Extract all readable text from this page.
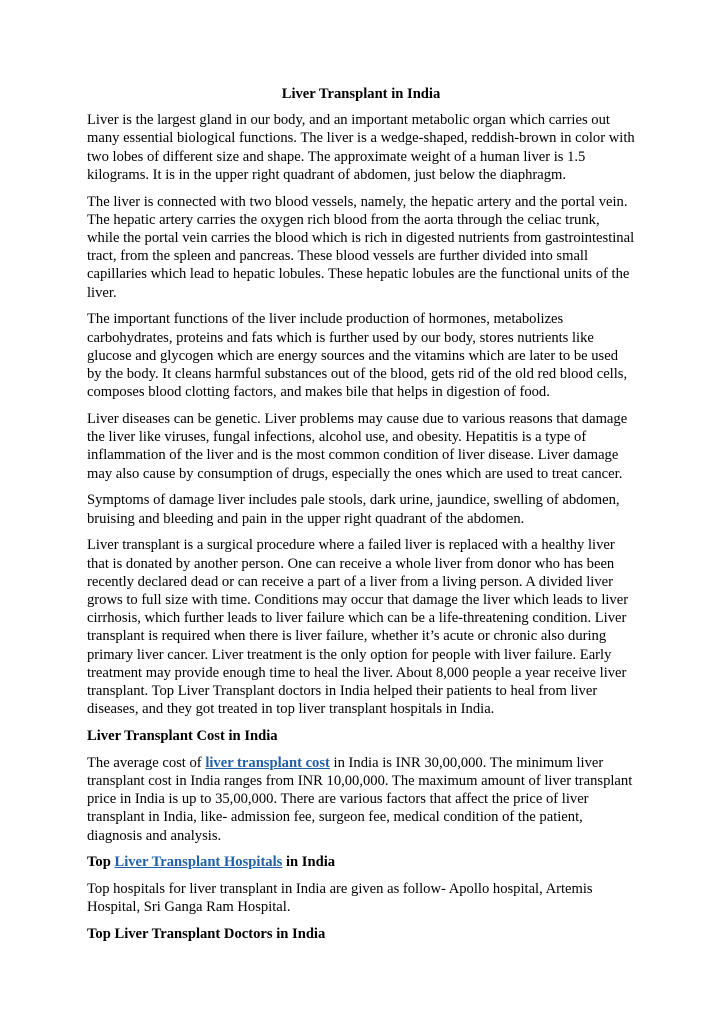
Liver Transplant in India

Liver is the largest gland in our body, and an important metabolic organ which carries out many essential biological functions. The liver is a wedge-shaped, reddish-brown in color with two lobes of different size and shape. The approximate weight of a human liver is 1.5 kilograms. It is in the upper right quadrant of abdomen, just below the diaphragm.

The liver is connected with two blood vessels, namely, the hepatic artery and the portal vein. The hepatic artery carries the oxygen rich blood from the aorta through the celiac trunk, while the portal vein carries the blood which is rich in digested nutrients from gastrointestinal tract, from the spleen and pancreas. These blood vessels are further divided into small capillaries which lead to hepatic lobules. These hepatic lobules are the functional units of the liver.

The important functions of the liver include production of hormones, metabolizes carbohydrates, proteins and fats which is further used by our body, stores nutrients like glucose and glycogen which are energy sources and the vitamins which are later to be used by the body. It cleans harmful substances out of the blood, gets rid of the old red blood cells, composes blood clotting factors, and makes bile that helps in digestion of food.

Liver diseases can be genetic. Liver problems may cause due to various reasons that damage the liver like viruses, fungal infections, alcohol use, and obesity. Hepatitis is a type of inflammation of the liver and is the most common condition of liver disease. Liver damage may also cause by consumption of drugs, especially the ones which are used to treat cancer.

Symptoms of damage liver includes pale stools, dark urine, jaundice, swelling of abdomen, bruising and bleeding and pain in the upper right quadrant of the abdomen.

Liver transplant is a surgical procedure where a failed liver is replaced with a healthy liver that is donated by another person. One can receive a whole liver from donor who has been recently declared dead or can receive a part of a liver from a living person. A divided liver grows to full size with time. Conditions may occur that damage the liver which leads to liver cirrhosis, which further leads to liver failure which can be a life-threatening condition. Liver transplant is required when there is liver failure, whether it’s acute or chronic also during primary liver cancer. Liver treatment is the only option for people with liver failure. Early treatment may provide enough time to heal the liver. About 8,000 people a year receive liver transplant. Top Liver Transplant doctors in India helped their patients to heal from liver diseases, and they got treated in top liver transplant hospitals in India.

Liver Transplant Cost in India

The average cost of liver transplant cost in India is INR 30,00,000. The minimum liver transplant cost in India ranges from INR 10,00,000. The maximum amount of liver transplant price in India is up to 35,00,000. There are various factors that affect the price of liver transplant in India, like- admission fee, surgeon fee, medical condition of the patient, diagnosis and analysis.

Top Liver Transplant Hospitals in India

Top hospitals for liver transplant in India are given as follow- Apollo hospital, Artemis Hospital, Sri Ganga Ram Hospital.

Top Liver Transplant Doctors in India
